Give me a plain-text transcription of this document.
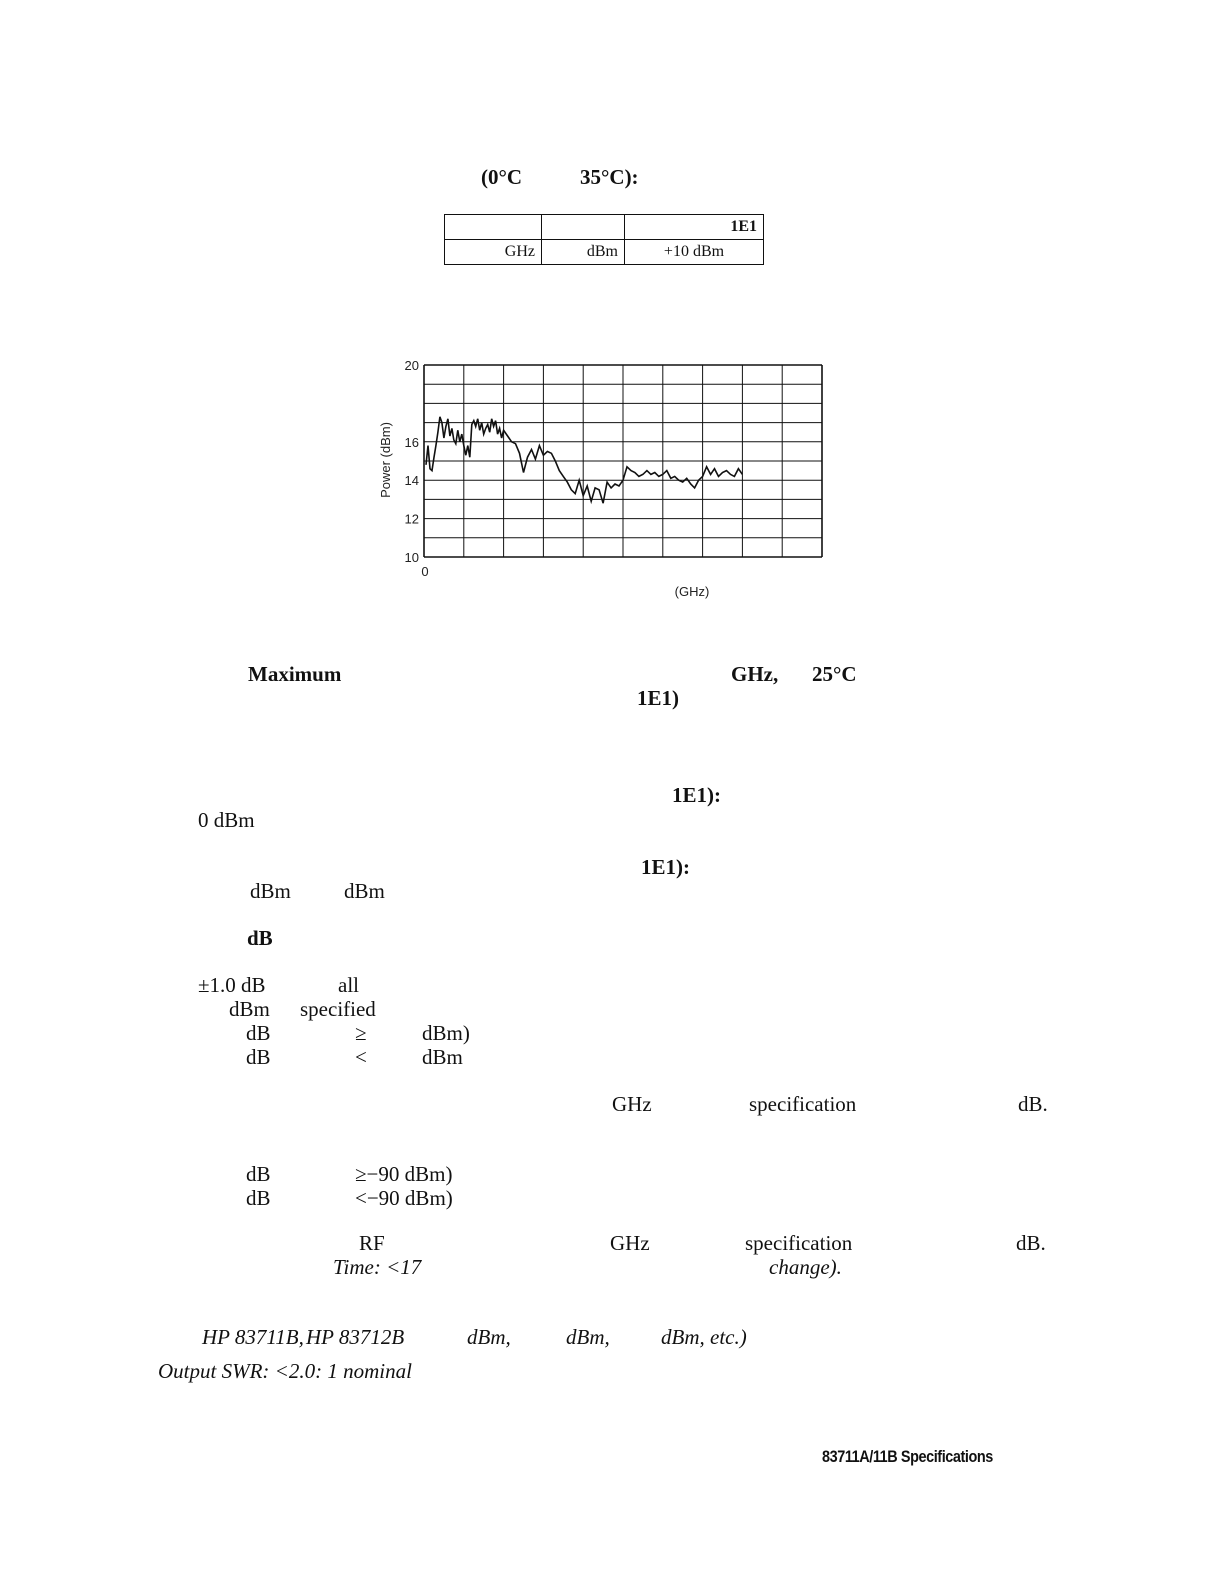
(0°C	35°C):
		1E1
GHz	dBm	+10 dBm
20
16
14
12
10
0
(GHz)
Power (dBm)
Maximum	GHz, 25°C
1E1)
1E1):
0 dBm
1E1):
dBm	dBm
dB
±1.0 dB	all
dBm specified
dB	≥	dBm)
dB	<	dBm
GHz	specification	dB.
dB	≥−90 dBm)
dB	<−90 dBm)
RF	GHz	specification	dB.
Time: <17	change).
HP 83711B, HP 83712B	dBm,	dBm, dBm, etc.)
Output SWR: <2.0: 1 nominal
83711A/11B Specifications
